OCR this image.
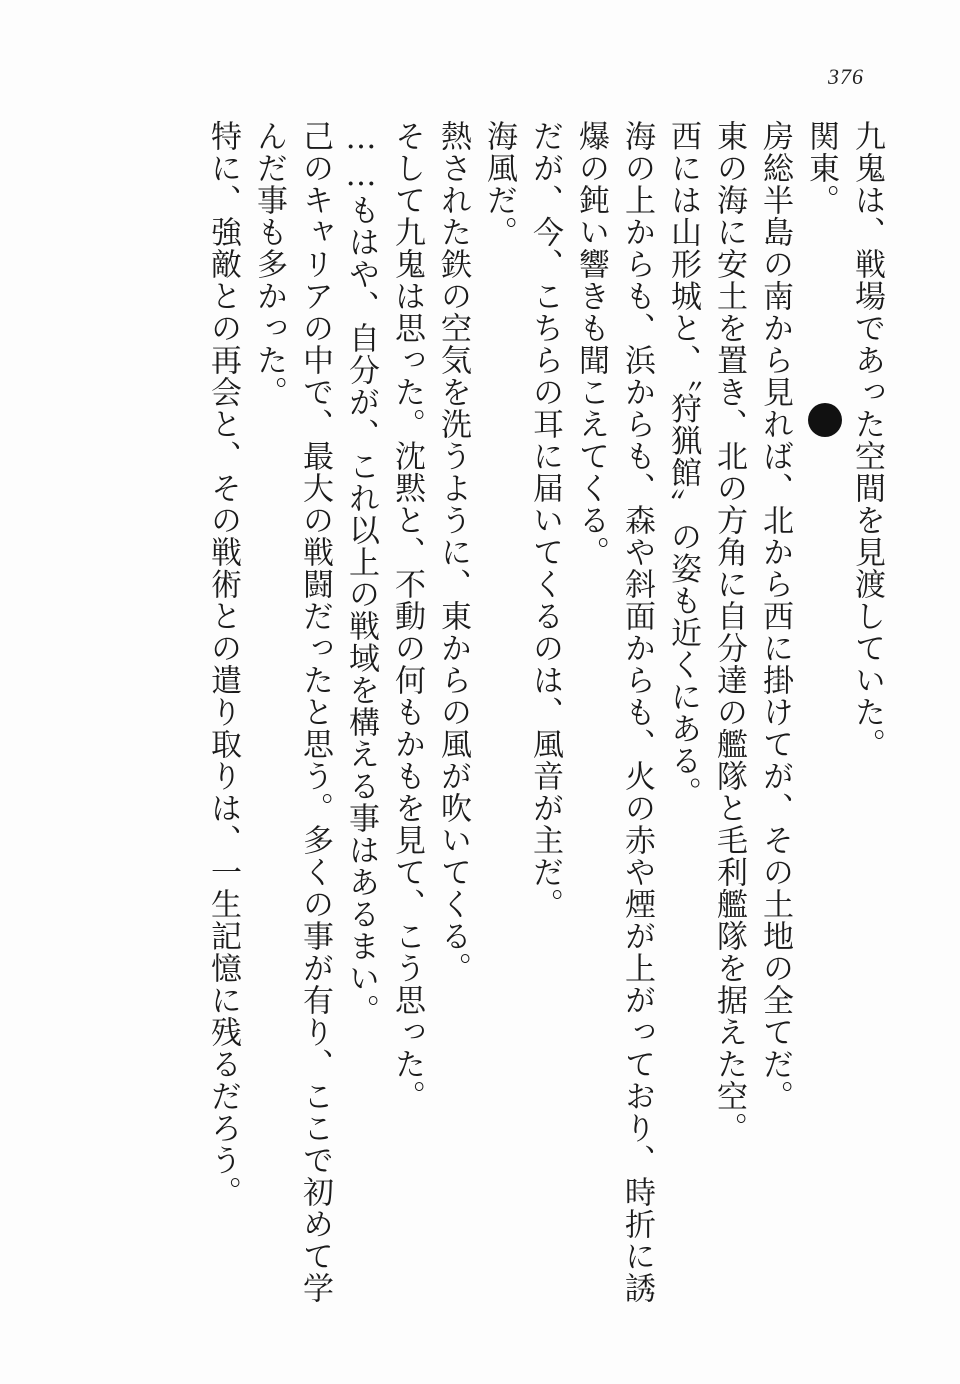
376

九鬼は、戦場であった空間を見渡していた。

関東。

房総半島の南から見れば、北から西に掛けてが、その土地の全てだ。

東の海に安土を置き、北の方角に自分達の艦隊と毛利艦隊を据えた空。

西には山形城と、〝狩猟館〟の姿も近くにある。

海の上からも、浜からも、森や斜面からも、火の赤や煙が上がっており、時折に誘爆の鈍い響きも聞こえてくる。

だが、今、こちらの耳に届いてくるのは、風音が主だ。

海風だ。

熱された鉄の空気を洗うように、東からの風が吹いてくる。

そして九鬼は思った。沈黙と、不動の何もかもを見て、こう思った。

……もはや、自分が、これ以上の戦域を構える事はあるまい。

己のキャリアの中で、最大の戦闘だったと思う。多くの事が有り、ここで初めて学んだ事も多かった。

特に、強敵との再会と、その戦術との遣り取りは、一生記憶に残るだろう。
